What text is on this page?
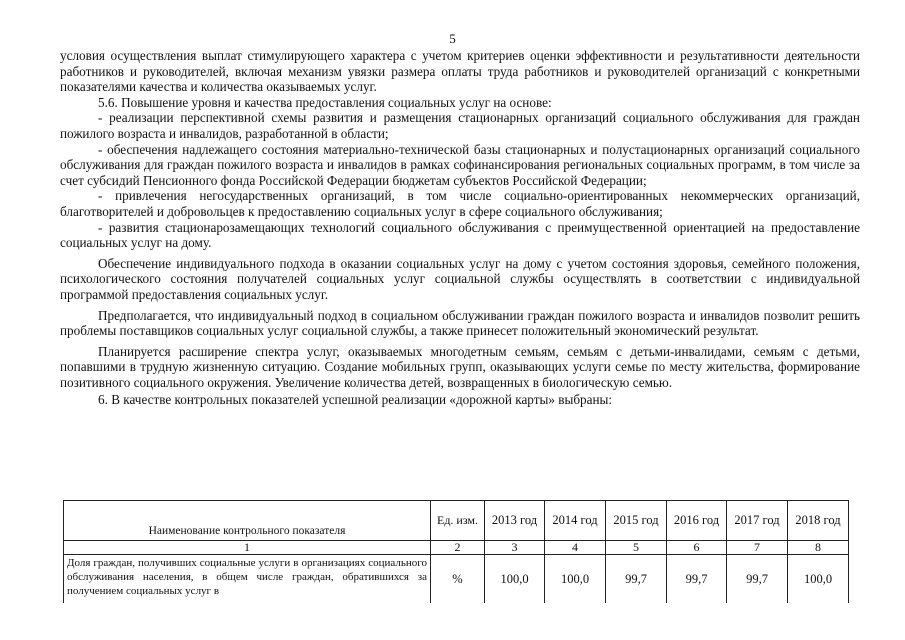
5

условия осуществления выплат стимулирующего характера с учетом критериев оценки эффективности и результативности деятельности работников и руководителей, включая механизм увязки размера оплаты труда работников и руководителей организаций с конкретными показателями качества и количества оказываемых услуг.

5.6. Повышение уровня и качества предоставления социальных услуг на основе:

- реализации перспективной схемы развития и размещения стационарных организаций социального обслуживания для граждан пожилого возраста и инвалидов, разработанной в области;

- обеспечения надлежащего состояния материально-технической базы стационарных и полустационарных организаций социального обслуживания для граждан пожилого возраста и инвалидов в рамках софинансирования региональных социальных программ, в том числе за счет субсидий Пенсионного фонда Российской Федерации бюджетам субъектов Российской Федерации;

- привлечения негосударственных организаций, в том числе социально-ориентированных некоммерческих организаций, благотворителей и добровольцев к предоставлению социальных услуг в сфере социального обслуживания;

- развития стационарозамещающих технологий социального обслуживания с преимущественной ориентацией на предоставление социальных услуг на дому.

Обеспечение индивидуального подхода в оказании социальных услуг на дому с учетом состояния здоровья, семейного положения, психологического состояния получателей социальных услуг социальной службы осуществлять в соответствии с индивидуальной программой предоставления социальных услуг.

Предполагается, что индивидуальный подход в социальном обслуживании граждан пожилого возраста и инвалидов позволит решить проблемы поставщиков социальных услуг социальной службы, а также принесет положительный экономический результат.

Планируется расширение спектра услуг, оказываемых многодетным семьям, семьям с детьми-инвалидами, семьям с детьми, попавшими в трудную жизненную ситуацию. Создание мобильных групп, оказывающих услуги семье по месту жительства, формирование позитивного социального окружения. Увеличение количества детей, возвращенных в биологическую семью.

6. В качестве контрольных показателей успешной реализации «дорожной карты» выбраны:

Наименование контрольного показателя	Ед. изм.	2013 год	2014 год	2015 год	2016 год	2017 год	2018 год
1	2	3	4	5	6	7	8
Доля граждан, получивших социальные услуги в организациях социального обслуживания населения, в общем числе граждан, обратившихся за получением социальных услуг в	%	100,0	100,0	99,7	99,7	99,7	100,0
